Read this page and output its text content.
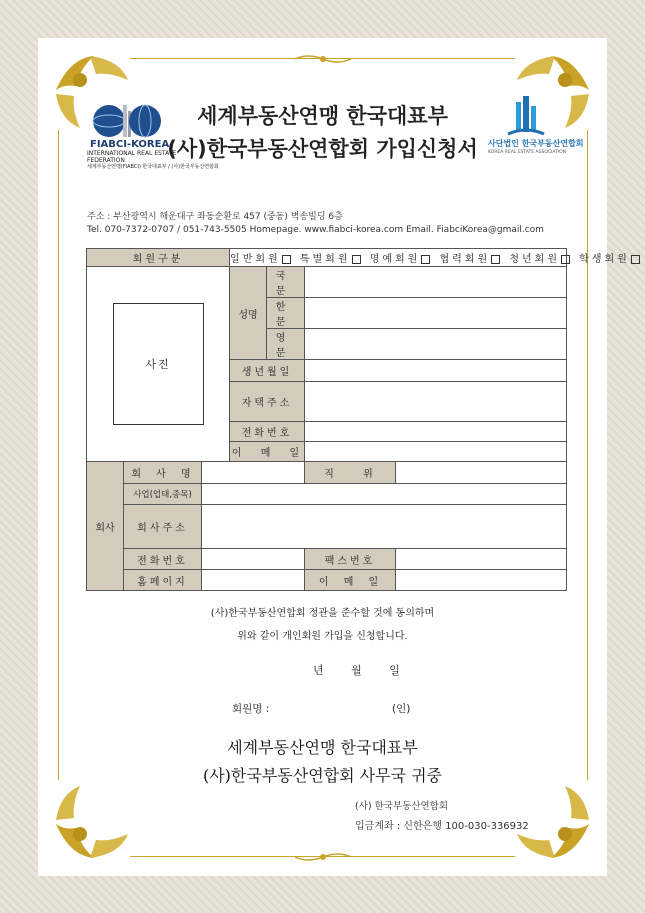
FIABCI-KOREA
INTERNATIONAL REAL ESTATE FEDERATION
세계부동산연맹(FIABCI) 한국대표부 / (사)한국부동산연합회
세계부동산연맹 한국대표부
(사)한국부동산연합회 가입신청서	사단법인 한국부동산연합회
KOREA REAL ESTATE ASSOCIATION
주소 : 부산광역시 해운대구 좌동순환로 457 (중동) 벽송빌딩 6층
Tel. 070-7372-0707 / 051-743-5505 Homepage. www.fiabci-korea.com Email. FiabciKorea@gmail.com
회원구분			일반회원 특별회원 명예회원 협력회원 청년회원 학생회원			

사진			성명	국문		
				한문		
				영문		
			생년월일			
			자택주소			
			전화번호			
			이 메 일			

회사	회 사 명				직 위	
	사업(업태,종목)					
	회사주소					
	전화번호				팩스번호	
	홈페이지				이 메 일	
(사)한국부동산연합회 정관을 준수할 것에 동의하며
위와 같이 개인회원 가입을 신청합니다.
년 월 일
회원명 :	(인)
세계부동산연맹 한국대표부
(사)한국부동산연합회 사무국 귀중
(사) 한국부동산연합회
입금계좌 : 신한은행 100-030-336932
